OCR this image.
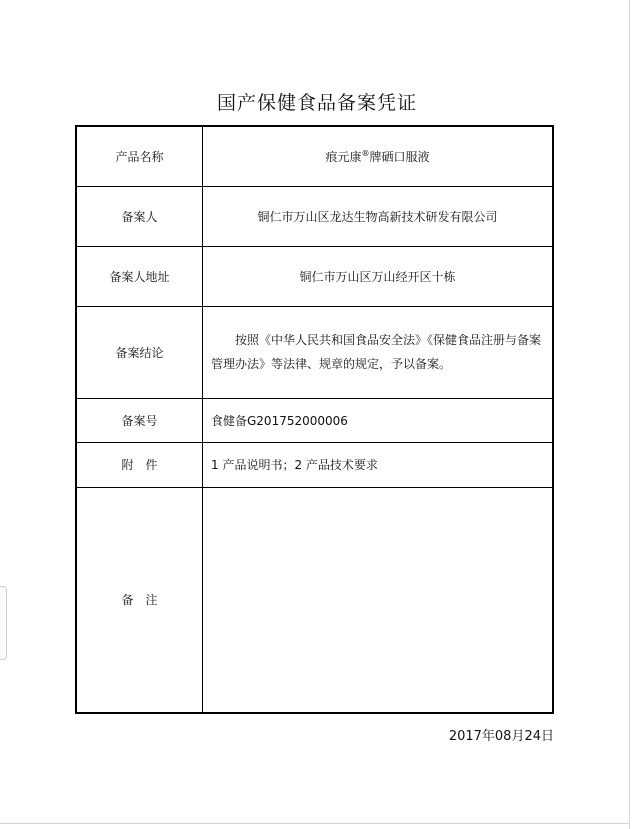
国产保健食品备案凭证
产品名称	痕元康®牌硒口服液
备案人	铜仁市万山区龙达生物高新技术研发有限公司
备案人地址	铜仁市万山区万山经开区十栋
备案结论	按照《中华人民共和国食品安全法》《保健食品注册与备案管理办法》等法律、规章的规定，予以备案。

备案号	食健备G201752000006
附　件	1 产品说明书；2 产品技术要求
备　注	
2017年08月24日
